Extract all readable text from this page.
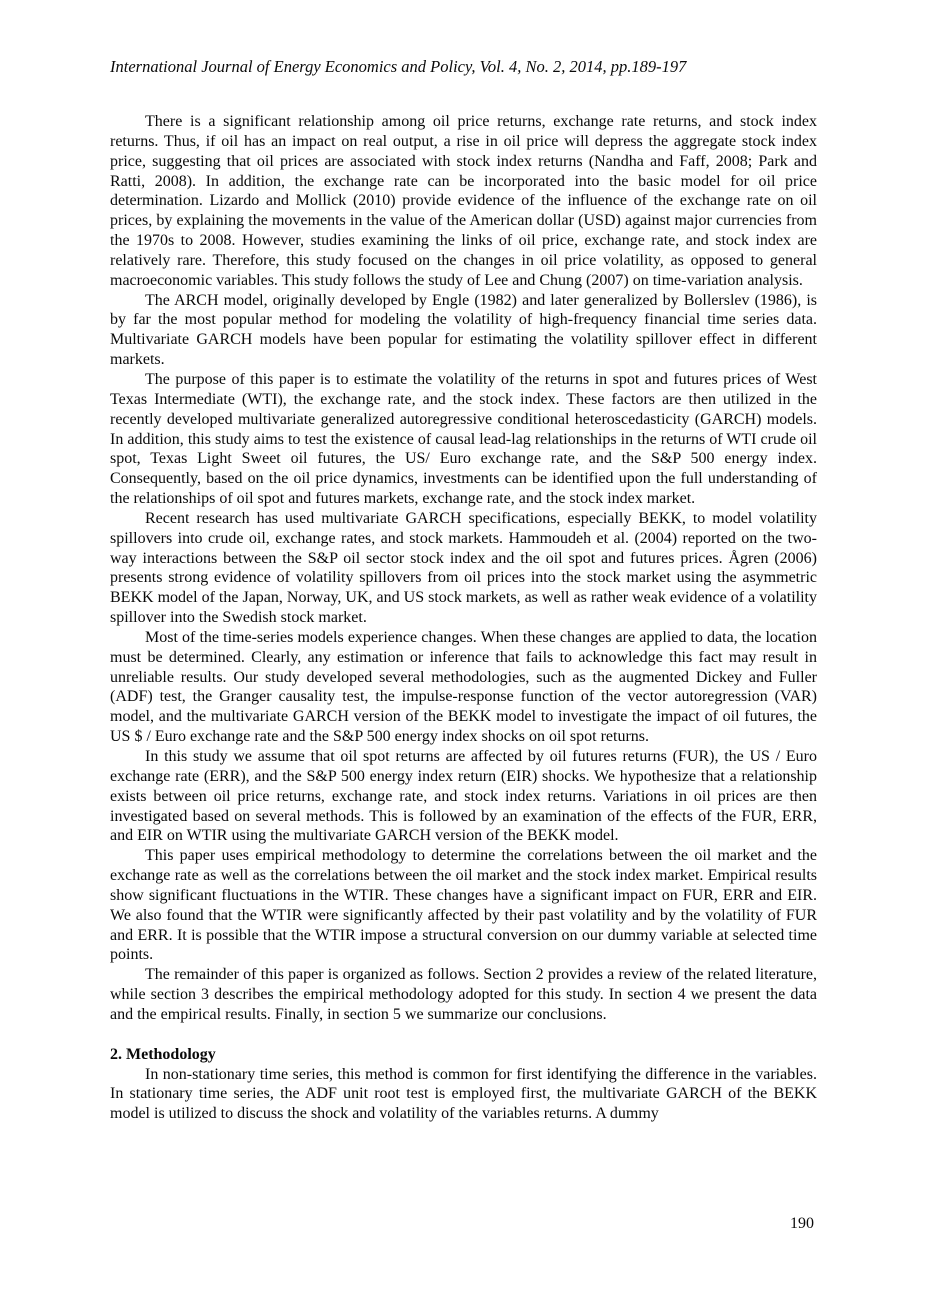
International Journal of Energy Economics and Policy, Vol. 4, No. 2, 2014, pp.189-197

There is a significant relationship among oil price returns, exchange rate returns, and stock index returns. Thus, if oil has an impact on real output, a rise in oil price will depress the aggregate stock index price, suggesting that oil prices are associated with stock index returns (Nandha and Faff, 2008; Park and Ratti, 2008). In addition, the exchange rate can be incorporated into the basic model for oil price determination. Lizardo and Mollick (2010) provide evidence of the influence of the exchange rate on oil prices, by explaining the movements in the value of the American dollar (USD) against major currencies from the 1970s to 2008. However, studies examining the links of oil price, exchange rate, and stock index are relatively rare. Therefore, this study focused on the changes in oil price volatility, as opposed to general macroeconomic variables. This study follows the study of Lee and Chung (2007) on time-variation analysis.

The ARCH model, originally developed by Engle (1982) and later generalized by Bollerslev (1986), is by far the most popular method for modeling the volatility of high-frequency financial time series data. Multivariate GARCH models have been popular for estimating the volatility spillover effect in different markets.

The purpose of this paper is to estimate the volatility of the returns in spot and futures prices of West Texas Intermediate (WTI), the exchange rate, and the stock index. These factors are then utilized in the recently developed multivariate generalized autoregressive conditional heteroscedasticity (GARCH) models. In addition, this study aims to test the existence of causal lead-lag relationships in the returns of WTI crude oil spot, Texas Light Sweet oil futures, the US/ Euro exchange rate, and the S&P 500 energy index. Consequently, based on the oil price dynamics, investments can be identified upon the full understanding of the relationships of oil spot and futures markets, exchange rate, and the stock index market.

Recent research has used multivariate GARCH specifications, especially BEKK, to model volatility spillovers into crude oil, exchange rates, and stock markets. Hammoudeh et al. (2004) reported on the two-way interactions between the S&P oil sector stock index and the oil spot and futures prices. Ågren (2006) presents strong evidence of volatility spillovers from oil prices into the stock market using the asymmetric BEKK model of the Japan, Norway, UK, and US stock markets, as well as rather weak evidence of a volatility spillover into the Swedish stock market.

Most of the time-series models experience changes. When these changes are applied to data, the location must be determined. Clearly, any estimation or inference that fails to acknowledge this fact may result in unreliable results. Our study developed several methodologies, such as the augmented Dickey and Fuller (ADF) test, the Granger causality test, the impulse-response function of the vector autoregression (VAR) model, and the multivariate GARCH version of the BEKK model to investigate the impact of oil futures, the US $ / Euro exchange rate and the S&P 500 energy index shocks on oil spot returns.

In this study we assume that oil spot returns are affected by oil futures returns (FUR), the US / Euro exchange rate (ERR), and the S&P 500 energy index return (EIR) shocks. We hypothesize that a relationship exists between oil price returns, exchange rate, and stock index returns. Variations in oil prices are then investigated based on several methods. This is followed by an examination of the effects of the FUR, ERR, and EIR on WTIR using the multivariate GARCH version of the BEKK model.

This paper uses empirical methodology to determine the correlations between the oil market and the exchange rate as well as the correlations between the oil market and the stock index market. Empirical results show significant fluctuations in the WTIR. These changes have a significant impact on FUR, ERR and EIR. We also found that the WTIR were significantly affected by their past volatility and by the volatility of FUR and ERR. It is possible that the WTIR impose a structural conversion on our dummy variable at selected time points.

The remainder of this paper is organized as follows. Section 2 provides a review of the related literature, while section 3 describes the empirical methodology adopted for this study. In section 4 we present the data and the empirical results. Finally, in section 5 we summarize our conclusions.

2. Methodology

In non-stationary time series, this method is common for first identifying the difference in the variables. In stationary time series, the ADF unit root test is employed first, the multivariate GARCH of the BEKK model is utilized to discuss the shock and volatility of the variables returns. A dummy

190
